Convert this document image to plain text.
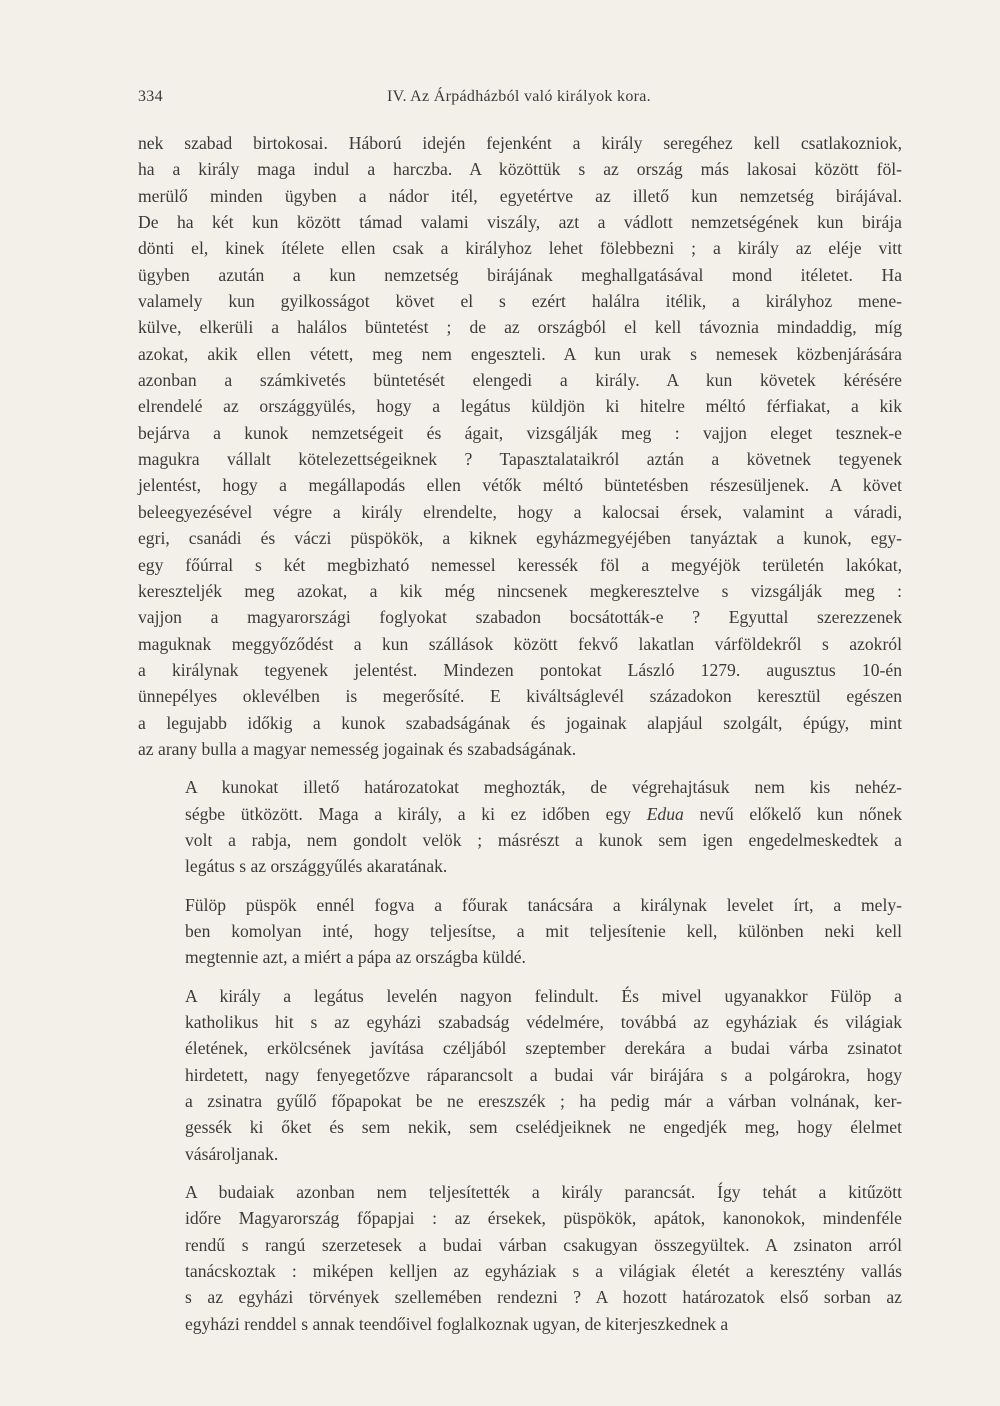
334	IV. Az Árpádházból való királyok kora.

nek szabad birtokosai. Háború idején fejenként a király seregéhez kell csatlakozniok,
ha a király maga indul a harczba. A közöttük s az ország más lakosai között föl-
merülő minden ügyben a nádor itél, egyetértve az illető kun nemzetség birájával.
De ha két kun között támad valami viszály, azt a vádlott nemzetségének kun birája
dönti el, kinek ítélete ellen csak a királyhoz lehet fölebbezni ; a király az eléje vitt
ügyben azután a kun nemzetség birájának meghallgatásával mond itéletet. Ha
valamely kun gyilkosságot követ el s ezért halálra itélik, a királyhoz mene-
külve, elkerüli a halálos büntetést ; de az országból el kell távoznia mindaddig, míg
azokat, akik ellen vétett, meg nem engeszteli. A kun urak s nemesek közbenjárására
azonban a számkivetés büntetését elengedi a király. A kun követek kérésére
elrendelé az országgyülés, hogy a legátus küldjön ki hitelre méltó férfiakat, a kik
bejárva a kunok nemzetségeit és ágait, vizsgálják meg : vajjon eleget tesznek-e
magukra vállalt kötelezettségeiknek ? Tapasztalataikról aztán a követnek tegyenek
jelentést, hogy a megállapodás ellen vétők méltó büntetésben részesüljenek. A követ
beleegyezésével végre a király elrendelte, hogy a kalocsai érsek, valamint a váradi,
egri, csanádi és váczi püspökök, a kiknek egyházmegyéjében tanyáztak a kunok, egy-
egy főúrral s két megbizható nemessel keressék föl a megyéjök területén lakókat,
kereszteljék meg azokat, a kik még nincsenek megkeresztelve s vizsgálják meg :
vajjon a magyarországi foglyokat szabadon bocsátották-e ? Egyuttal szerezzenek
maguknak meggyőződést a kun szállások között fekvő lakatlan várföldekről s azokról
a királynak tegyenek jelentést. Mindezen pontokat László 1279. augusztus 10-én
ünnepélyes oklevélben is megerősíté. E kiváltságlevél századokon keresztül egészen
a legujabb időkig a kunok szabadságának és jogainak alapjául szolgált, épúgy, mint
az arany bulla a magyar nemesség jogainak és szabadságának.

A kunokat illető határozatokat meghozták, de végrehajtásuk nem kis nehéz-
ségbe ütközött. Maga a király, a ki ez időben egy Edua nevű előkelő kun nőnek
volt a rabja, nem gondolt velök ; másrészt a kunok sem igen engedelmeskedtek a
legátus s az országgyűlés akaratának.

Fülöp püspök ennél fogva a főurak tanácsára a királynak levelet írt, a mely-
ben komolyan inté, hogy teljesítse, a mit teljesítenie kell, különben neki kell
megtennie azt, a miért a pápa az országba küldé.

A király a legátus levelén nagyon felindult. És mivel ugyanakkor Fülöp a
katholikus hit s az egyházi szabadság védelmére, továbbá az egyháziak és világiak
életének, erkölcsének javítása czéljából szeptember derekára a budai várba zsinatot
hirdetett, nagy fenyegetőzve ráparancsolt a budai vár birájára s a polgárokra, hogy
a zsinatra gyűlő főpapokat be ne ereszszék ; ha pedig már a várban volnának, ker-
gessék ki őket és sem nekik, sem cselédjeiknek ne engedjék meg, hogy élelmet
vásároljanak.

A budaiak azonban nem teljesítették a király parancsát. Így tehát a kitűzött
időre Magyarország főpapjai : az érsekek, püspökök, apátok, kanonokok, mindenféle
rendű s rangú szerzetesek a budai várban csakugyan összegyültek. A zsinaton arról
tanácskoztak : miképen kelljen az egyháziak s a világiak életét a keresztény vallás
s az egyházi törvények szellemében rendezni ? A hozott határozatok első sorban az
egyházi renddel s annak teendőivel foglalkoznak ugyan, de kiterjeszkednek a
